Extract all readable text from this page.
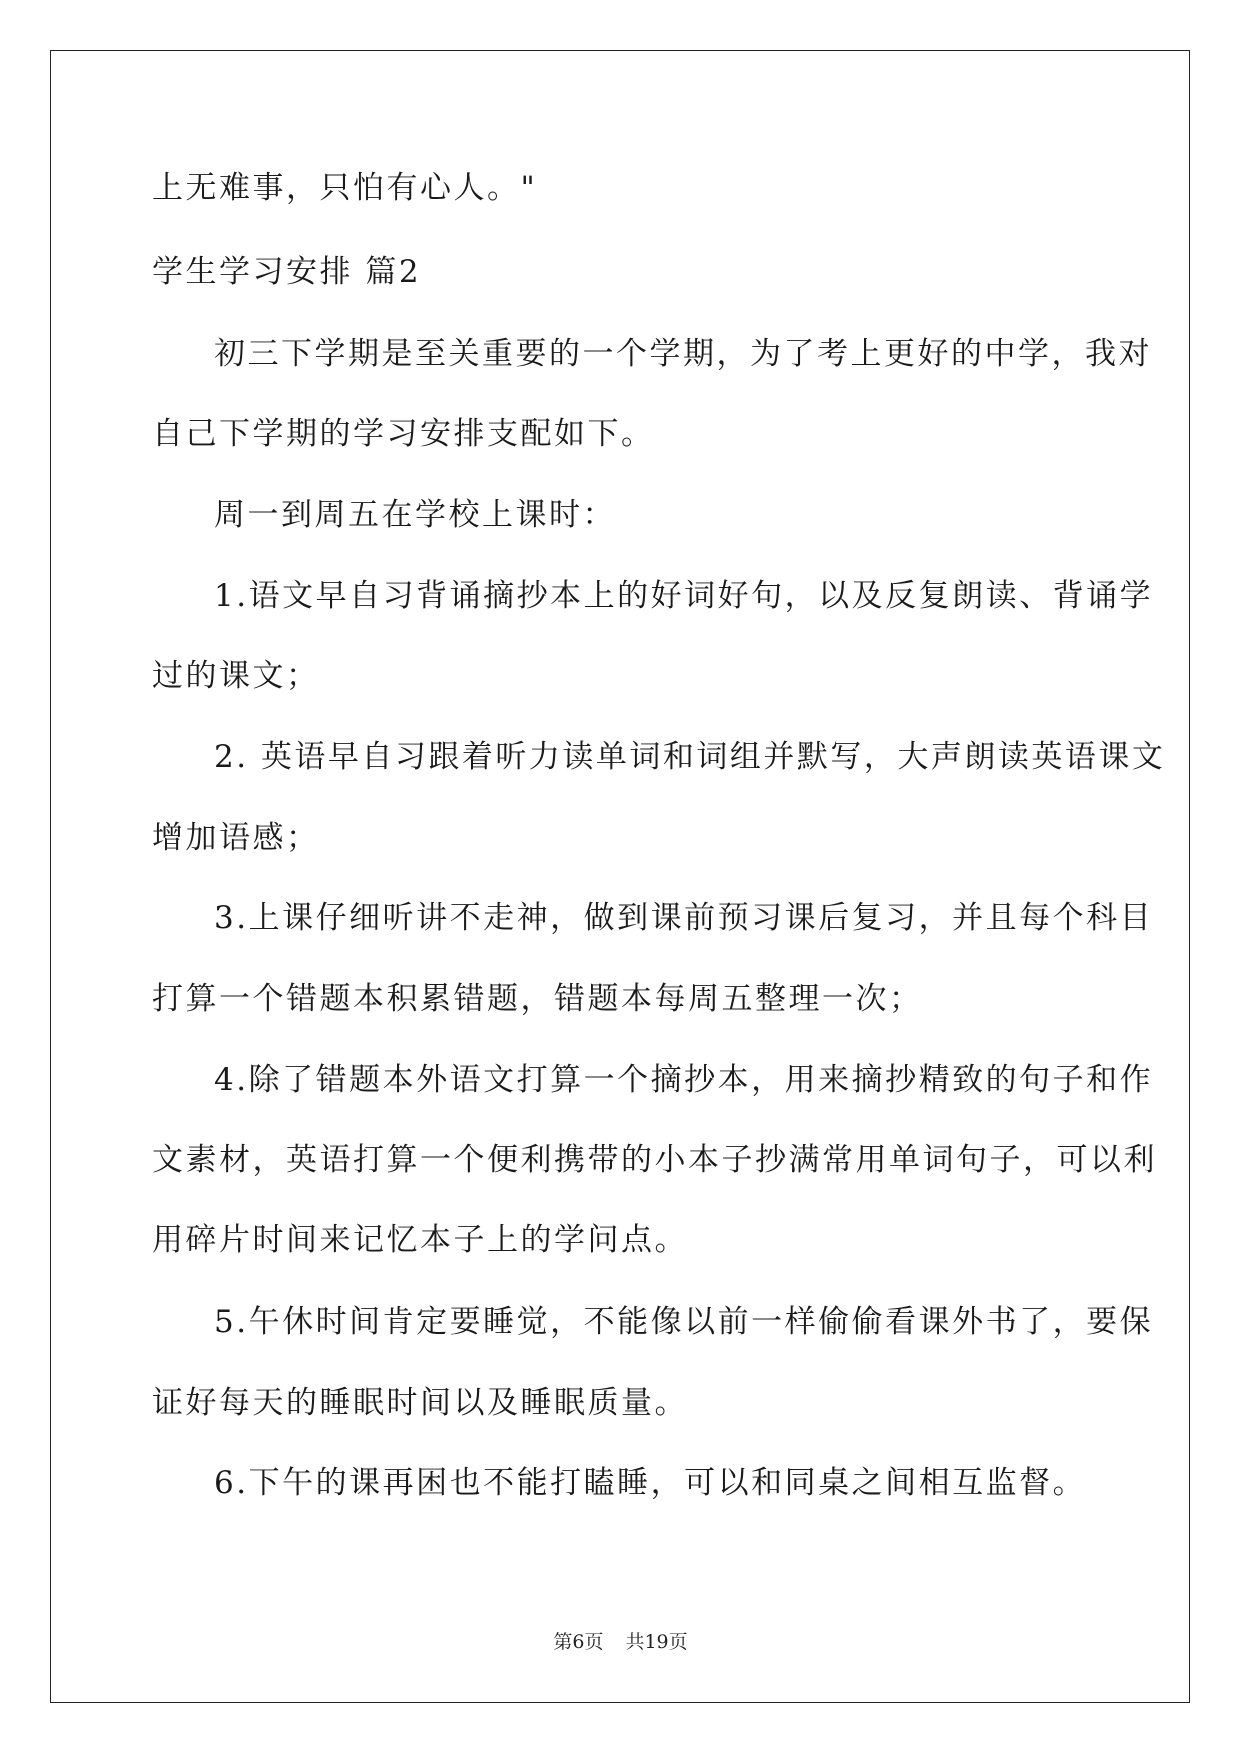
上无难事，只怕有心人。"
学生学习安排 篇2
初三下学期是至关重要的一个学期，为了考上更好的中学，我对
自己下学期的学习安排支配如下。
周一到周五在学校上课时：
1.语文早自习背诵摘抄本上的好词好句，以及反复朗读、背诵学
过的课文；
2. 英语早自习跟着听力读单词和词组并默写，大声朗读英语课文
增加语感；
3.上课仔细听讲不走神，做到课前预习课后复习，并且每个科目
打算一个错题本积累错题，错题本每周五整理一次；
4.除了错题本外语文打算一个摘抄本，用来摘抄精致的句子和作
文素材，英语打算一个便利携带的小本子抄满常用单词句子，可以利
用碎片时间来记忆本子上的学问点。
5.午休时间肯定要睡觉，不能像以前一样偷偷看课外书了，要保
证好每天的睡眠时间以及睡眠质量。
6.下午的课再困也不能打瞌睡，可以和同桌之间相互监督。
第6页 共19页
